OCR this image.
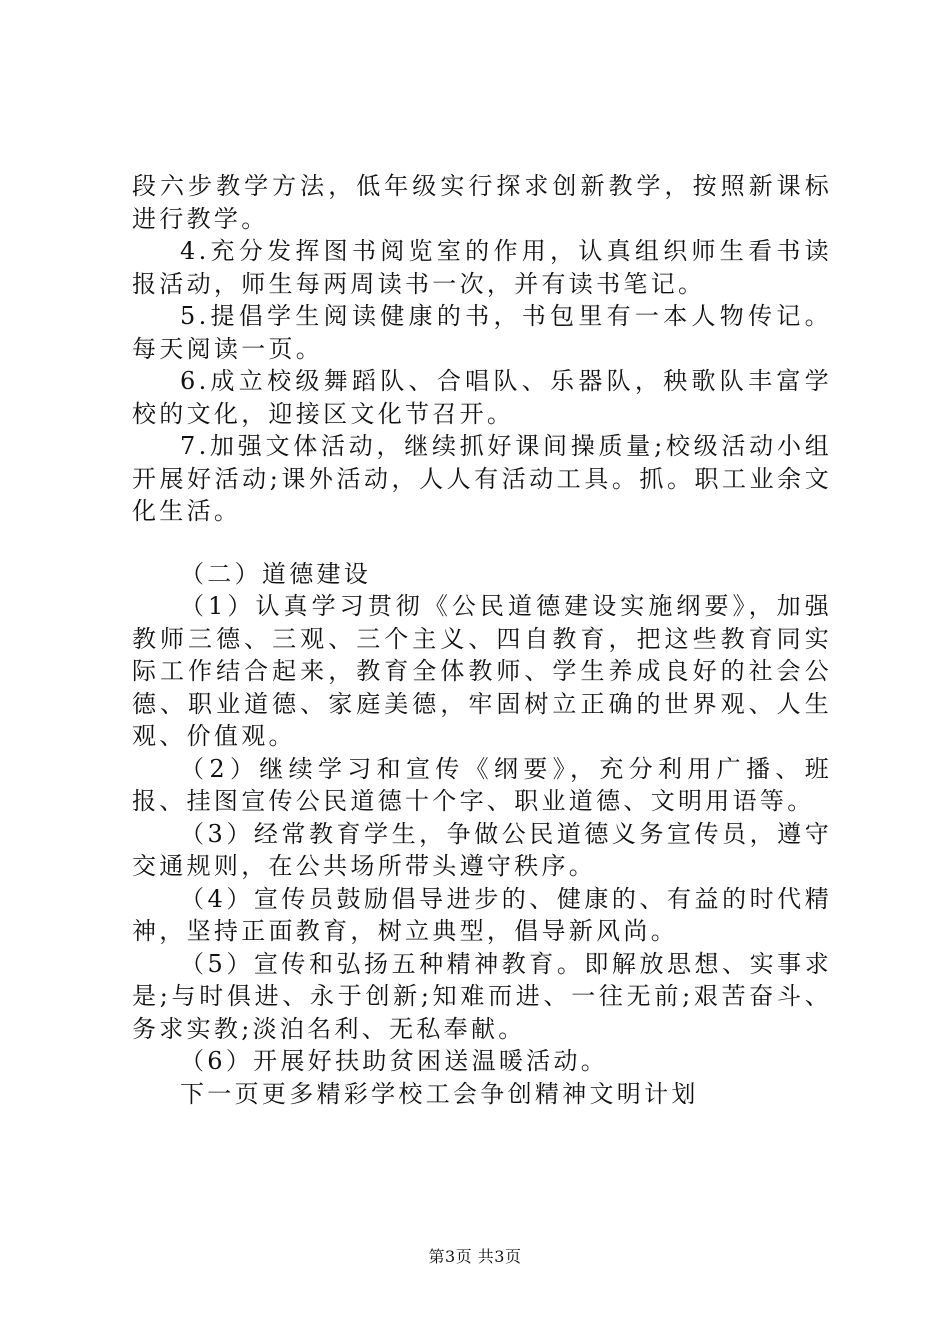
段六步教学方法，低年级实行探求创新教学，按照新课标进行教学。

4.充分发挥图书阅览室的作用，认真组织师生看书读报活动，师生每两周读书一次，并有读书笔记。

5.提倡学生阅读健康的书，书包里有一本人物传记。每天阅读一页。

6.成立校级舞蹈队、合唱队、乐器队，秧歌队丰富学校的文化，迎接区文化节召开。

7.加强文体活动，继续抓好课间操质量;校级活动小组开展好活动;课外活动，人人有活动工具。抓。职工业余文化生活。

（二）道德建设

（1）认真学习贯彻《公民道德建设实施纲要》，加强教师三德、三观、三个主义、四自教育，把这些教育同实际工作结合起来，教育全体教师、学生养成良好的社会公德、职业道德、家庭美德，牢固树立正确的世界观、人生观、价值观。

（2）继续学习和宣传《纲要》，充分利用广播、班报、挂图宣传公民道德十个字、职业道德、文明用语等。

（3）经常教育学生，争做公民道德义务宣传员，遵守交通规则，在公共场所带头遵守秩序。

（4）宣传员鼓励倡导进步的、健康的、有益的时代精神，坚持正面教育，树立典型，倡导新风尚。

（5）宣传和弘扬五种精神教育。即解放思想、实事求是;与时俱进、永于创新;知难而进、一往无前;艰苦奋斗、务求实教;淡泊名利、无私奉献。

（6）开展好扶助贫困送温暖活动。

下一页更多精彩学校工会争创精神文明计划

第3页 共3页
